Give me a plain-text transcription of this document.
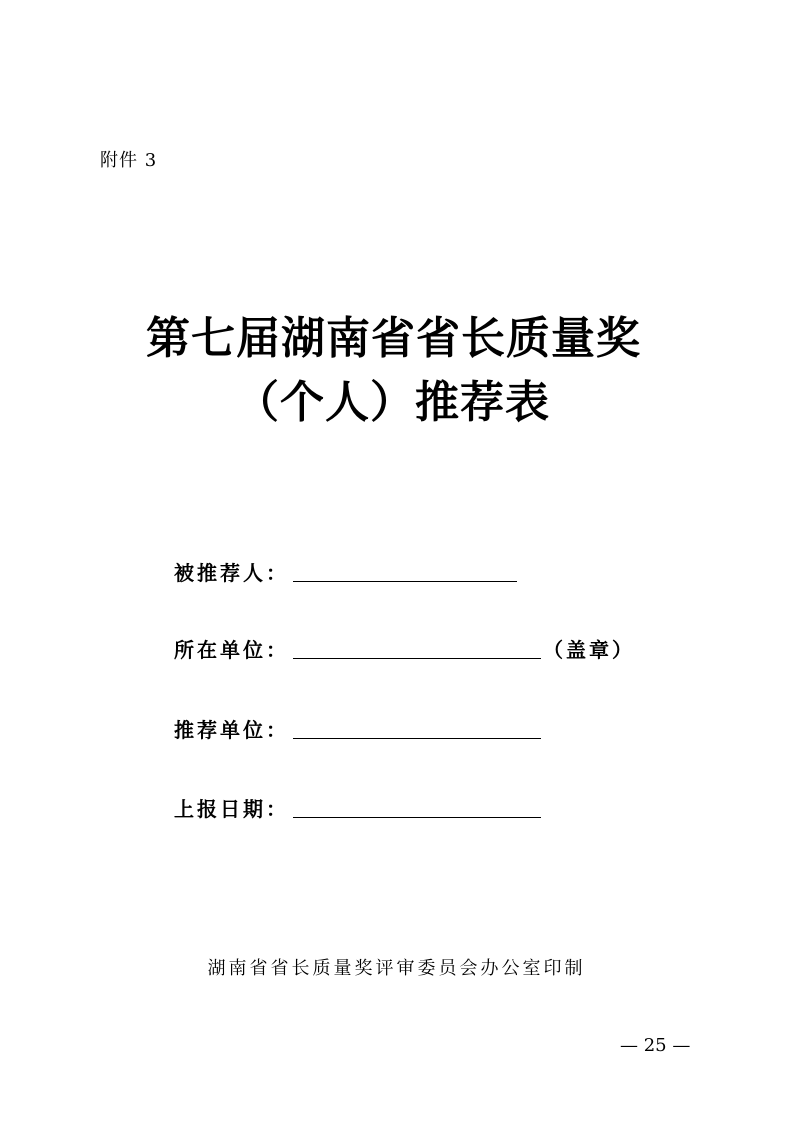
附件 3
第七届湖南省省长质量奖
（个人）推荐表
被推荐人：
所在单位：	（盖章）
推荐单位：
上报日期：
湖南省省长质量奖评审委员会办公室印制
— 25 —
